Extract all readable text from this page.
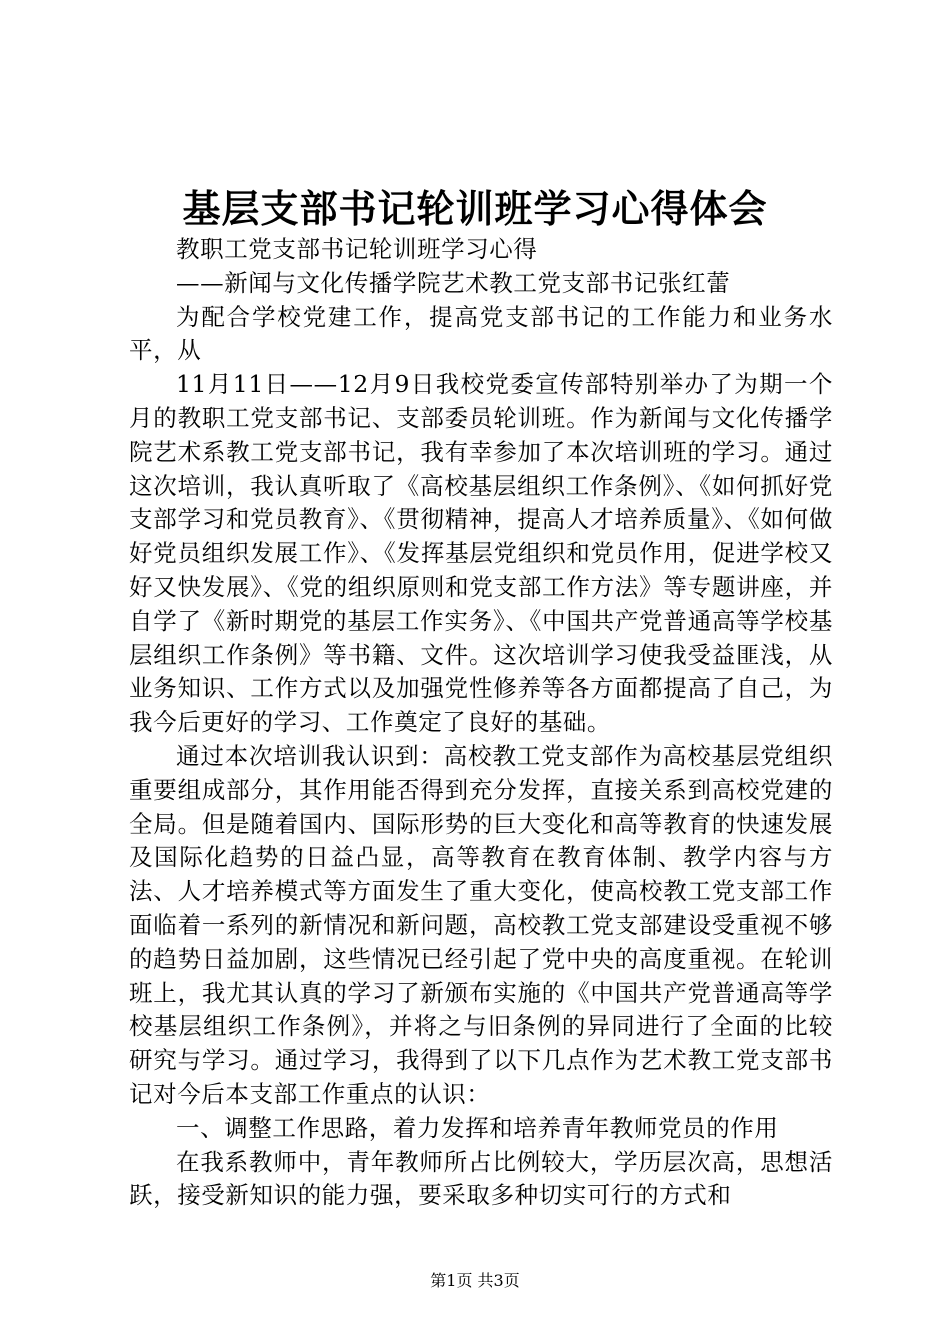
基层支部书记轮训班学习心得体会

教职工党支部书记轮训班学习心得

——新闻与文化传播学院艺术教工党支部书记张红蕾

为配合学校党建工作，提高党支部书记的工作能力和业务水平，从

11月11日——12月9日我校党委宣传部特别举办了为期一个月的教职工党支部书记、支部委员轮训班。作为新闻与文化传播学院艺术系教工党支部书记，我有幸参加了本次培训班的学习。通过这次培训，我认真听取了《高校基层组织工作条例》、《如何抓好党支部学习和党员教育》、《贯彻精神，提高人才培养质量》、《如何做好党员组织发展工作》、《发挥基层党组织和党员作用，促进学校又好又快发展》、《党的组织原则和党支部工作方法》等专题讲座，并自学了《新时期党的基层工作实务》、《中国共产党普通高等学校基层组织工作条例》等书籍、文件。这次培训学习使我受益匪浅，从业务知识、工作方式以及加强党性修养等各方面都提高了自己，为我今后更好的学习、工作奠定了良好的基础。

通过本次培训我认识到：高校教工党支部作为高校基层党组织重要组成部分，其作用能否得到充分发挥，直接关系到高校党建的全局。但是随着国内、国际形势的巨大变化和高等教育的快速发展及国际化趋势的日益凸显，高等教育在教育体制、教学内容与方法、人才培养模式等方面发生了重大变化，使高校教工党支部工作面临着一系列的新情况和新问题，高校教工党支部建设受重视不够的趋势日益加剧，这些情况已经引起了党中央的高度重视。在轮训班上，我尤其认真的学习了新颁布实施的《中国共产党普通高等学校基层组织工作条例》，并将之与旧条例的异同进行了全面的比较研究与学习。通过学习，我得到了以下几点作为艺术教工党支部书记对今后本支部工作重点的认识：

一、调整工作思路，着力发挥和培养青年教师党员的作用

在我系教师中，青年教师所占比例较大，学历层次高，思想活跃，接受新知识的能力强，要采取多种切实可行的方式和

第1页 共3页
